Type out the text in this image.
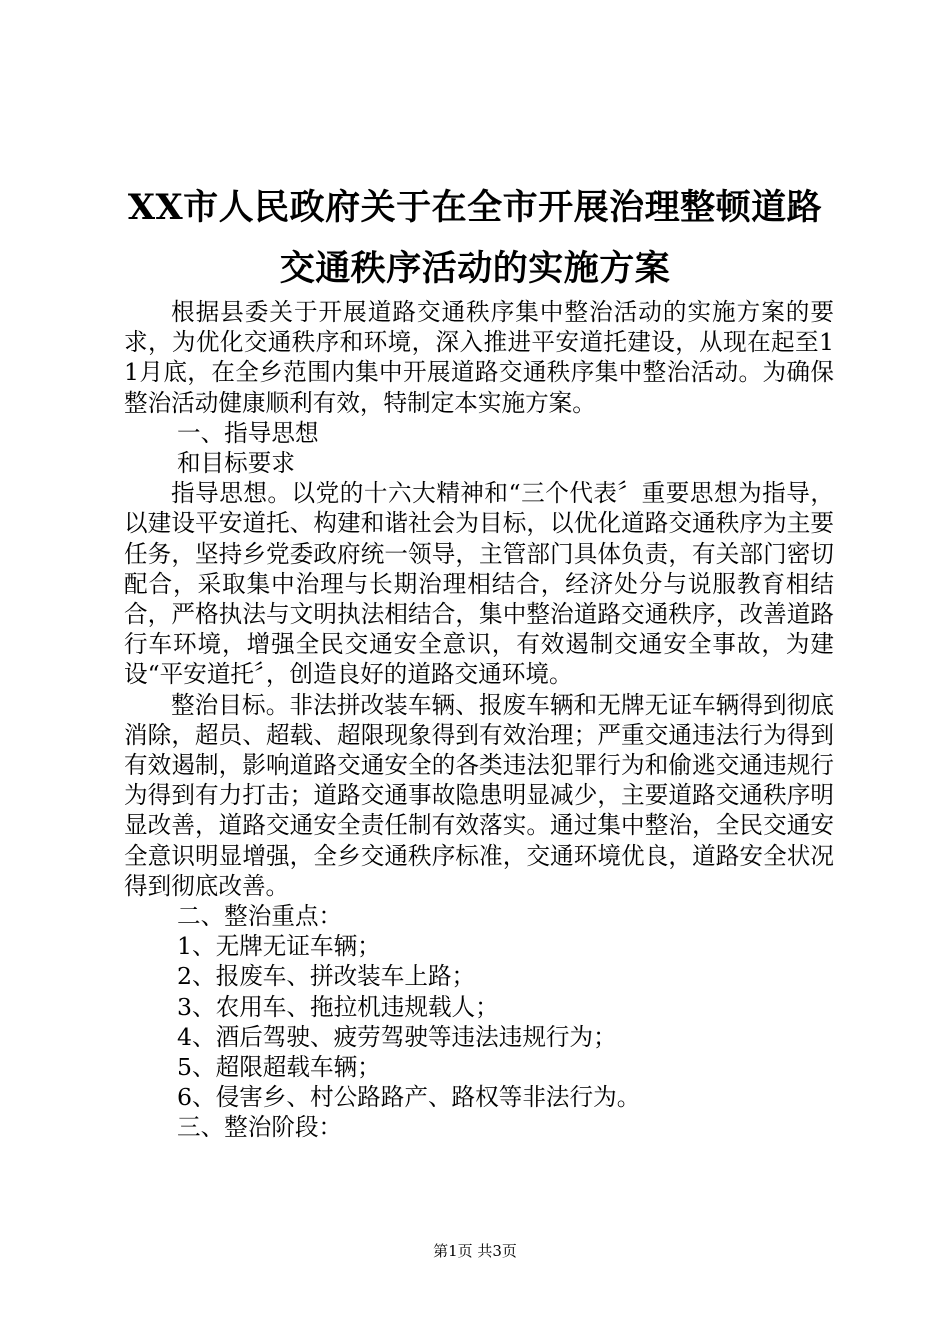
XX市人民政府关于在全市开展治理整顿道路
交通秩序活动的实施方案

根据县委关于开展道路交通秩序集中整治活动的实施方案的要求，为优化交通秩序和环境，深入推进平安道托建设，从现在起至11月底，在全乡范围内集中开展道路交通秩序集中整治活动。为确保整治活动健康顺利有效，特制定本实施方案。

一、指导思想

和目标要求

指导思想。以党的十六大精神和“三个代表〞重要思想为指导，以建设平安道托、构建和谐社会为目标，以优化道路交通秩序为主要任务，坚持乡党委政府统一领导，主管部门具体负责，有关部门密切配合，采取集中治理与长期治理相结合，经济处分与说服教育相结合，严格执法与文明执法相结合，集中整治道路交通秩序，改善道路行车环境，增强全民交通安全意识，有效遏制交通安全事故，为建设“平安道托〞，创造良好的道路交通环境。

整治目标。非法拼改装车辆、报废车辆和无牌无证车辆得到彻底消除，超员、超载、超限现象得到有效治理；严重交通违法行为得到有效遏制，影响道路交通安全的各类违法犯罪行为和偷逃交通违规行为得到有力打击；道路交通事故隐患明显减少，主要道路交通秩序明显改善，道路交通安全责任制有效落实。通过集中整治，全民交通安全意识明显增强，全乡交通秩序标准，交通环境优良，道路安全状况得到彻底改善。

二、整治重点：

1、无牌无证车辆；

2、报废车、拼改装车上路；

3、农用车、拖拉机违规载人；

4、酒后驾驶、疲劳驾驶等违法违规行为；

5、超限超载车辆；

6、侵害乡、村公路路产、路权等非法行为。

三、整治阶段：

第1页 共3页
